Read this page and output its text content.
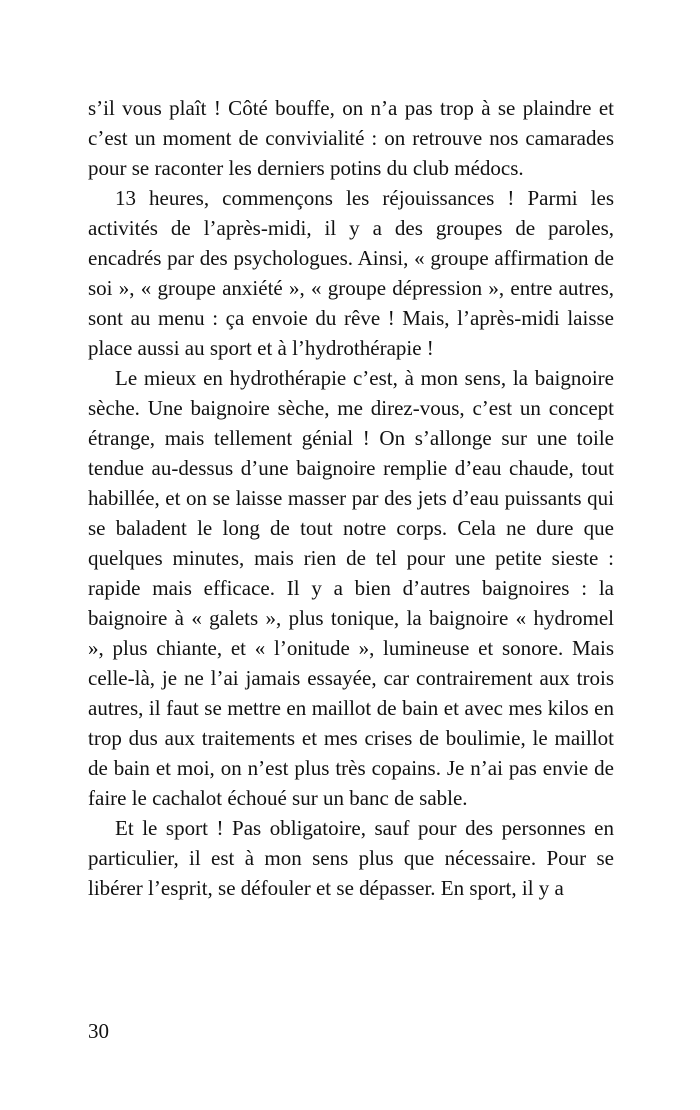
s’il vous plaît ! Côté bouffe, on n’a pas trop à se plaindre et c’est un moment de convivialité : on retrouve nos camarades pour se raconter les derniers potins du club médocs.

13 heures, commençons les réjouissances ! Parmi les activités de l’après-midi, il y a des groupes de paroles, encadrés par des psychologues. Ainsi, « groupe affirmation de soi », « groupe anxiété », « groupe dépression », entre autres, sont au menu : ça envoie du rêve ! Mais, l’après-midi laisse place aussi au sport et à l’hydrothérapie !

Le mieux en hydrothérapie c’est, à mon sens, la baignoire sèche. Une baignoire sèche, me direz-vous, c’est un concept étrange, mais tellement génial ! On s’allonge sur une toile tendue au-dessus d’une baignoire remplie d’eau chaude, tout habillée, et on se laisse masser par des jets d’eau puissants qui se baladent le long de tout notre corps. Cela ne dure que quelques minutes, mais rien de tel pour une petite sieste : rapide mais efficace. Il y a bien d’autres baignoires : la baignoire à « galets », plus tonique, la baignoire « hydromel », plus chiante, et « l’onitude », lumineuse et sonore. Mais celle-là, je ne l’ai jamais essayée, car contrairement aux trois autres, il faut se mettre en maillot de bain et avec mes kilos en trop dus aux traitements et mes crises de boulimie, le maillot de bain et moi, on n’est plus très copains. Je n’ai pas envie de faire le cachalot échoué sur un banc de sable.

Et le sport ! Pas obligatoire, sauf pour des personnes en particulier, il est à mon sens plus que nécessaire. Pour se libérer l’esprit, se défouler et se dépasser. En sport, il y a

30
